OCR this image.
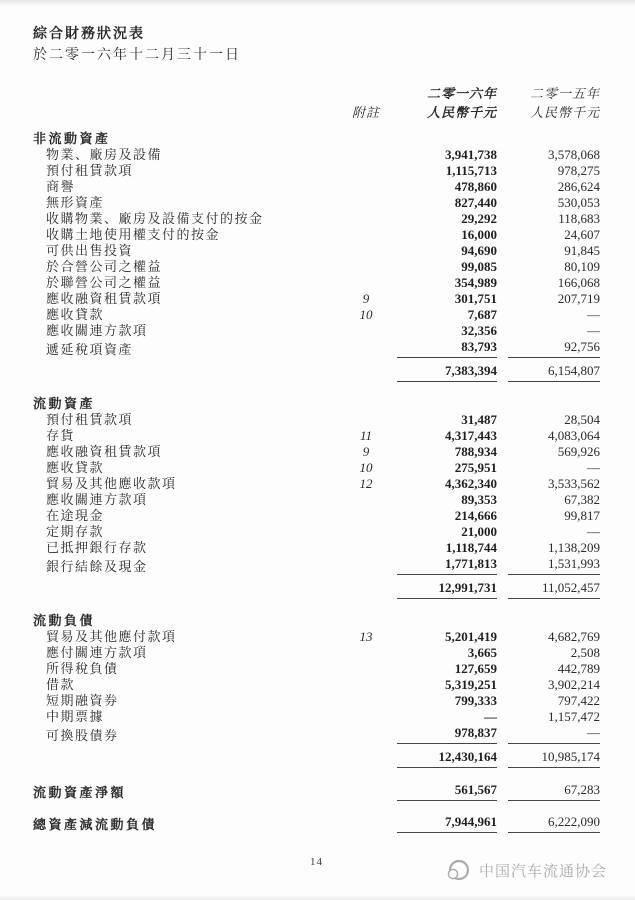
綜合財務狀況表
於二零一六年十二月三十一日
二零一六年	二零一五年
附註	人民幣千元	人民幣千元
非流動資產
物業、廠房及設備	3,941,738	3,578,068
預付租賃款項	1,115,713	978,275
商譽	478,860	286,624
無形資產	827,440	530,053
收購物業、廠房及設備支付的按金	29,292	118,683
收購土地使用權支付的按金	16,000	24,607
可供出售投資	94,690	91,845
於合營公司之權益	99,085	80,109
於聯營公司之權益	354,989	166,068
應收融資租賃款項	9	301,751	207,719
應收貸款	10	7,687	—
應收關連方款項	32,356	—
遞延稅項資產	83,793	92,756
7,383,394	6,154,807
流動資產
預付租賃款項	31,487	28,504
存貨	11	4,317,443	4,083,064
應收融資租賃款項	9	788,934	569,926
應收貸款	10	275,951	—
貿易及其他應收款項	12	4,362,340	3,533,562
應收關連方款項	89,353	67,382
在途現金	214,666	99,817
定期存款	21,000	—
已抵押銀行存款	1,118,744	1,138,209
銀行結餘及現金	1,771,813	1,531,993
12,991,731	11,052,457
流動負債
貿易及其他應付款項	13	5,201,419	4,682,769
應付關連方款項	3,665	2,508
所得稅負債	127,659	442,789
借款	5,319,251	3,902,214
短期融資券	799,333	797,422
中期票據	—	1,157,472
可換股債券	978,837	—
12,430,164	10,985,174
流動資產淨額	561,567	67,283
總資產減流動負債	7,944,961	6,222,090
14
中国汽车流通协会
